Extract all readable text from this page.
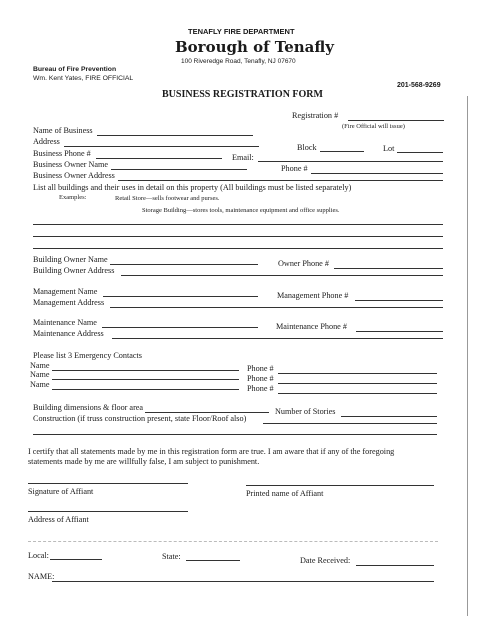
TENAFLY FIRE DEPARTMENT
Borough of Tenafly
100 Riveredge Road, Tenafly, NJ 07670
Bureau of Fire Prevention
Wm. Kent Yates, FIRE OFFICIAL
201-568-9269
BUSINESS REGISTRATION FORM
Registration #
(Fire Official will issue)
Name of Business
Address
Block	Lot
Business Phone #	Email:
Business Owner Name	Phone #
Business Owner Address
List all buildings and their uses in detail on this property (All buildings must be listed separately)
Examples:	Retail Store—sells footwear and purses.
Storage Building—stores tools, maintenance equipment and office supplies.
Building Owner Name	Owner Phone #
Building Owner Address
Management Name	Management Phone #
Management Address
Maintenance Name	Maintenance Phone #
Maintenance Address
Please list 3 Emergency Contacts
Name	Phone #
Name	Phone #
Name	Phone #
Building dimensions & floor area	Number of Stories
Construction (if truss construction present, state Floor/Roof also)
I certify that all statements made by me in this registration form are true. I am aware that if any of the foregoing
statements made by me are willfully false, I am subject to punishment.
Signature of Affiant	Printed name of Affiant
Address of Affiant
Local:	State:	Date Received:
NAME:
